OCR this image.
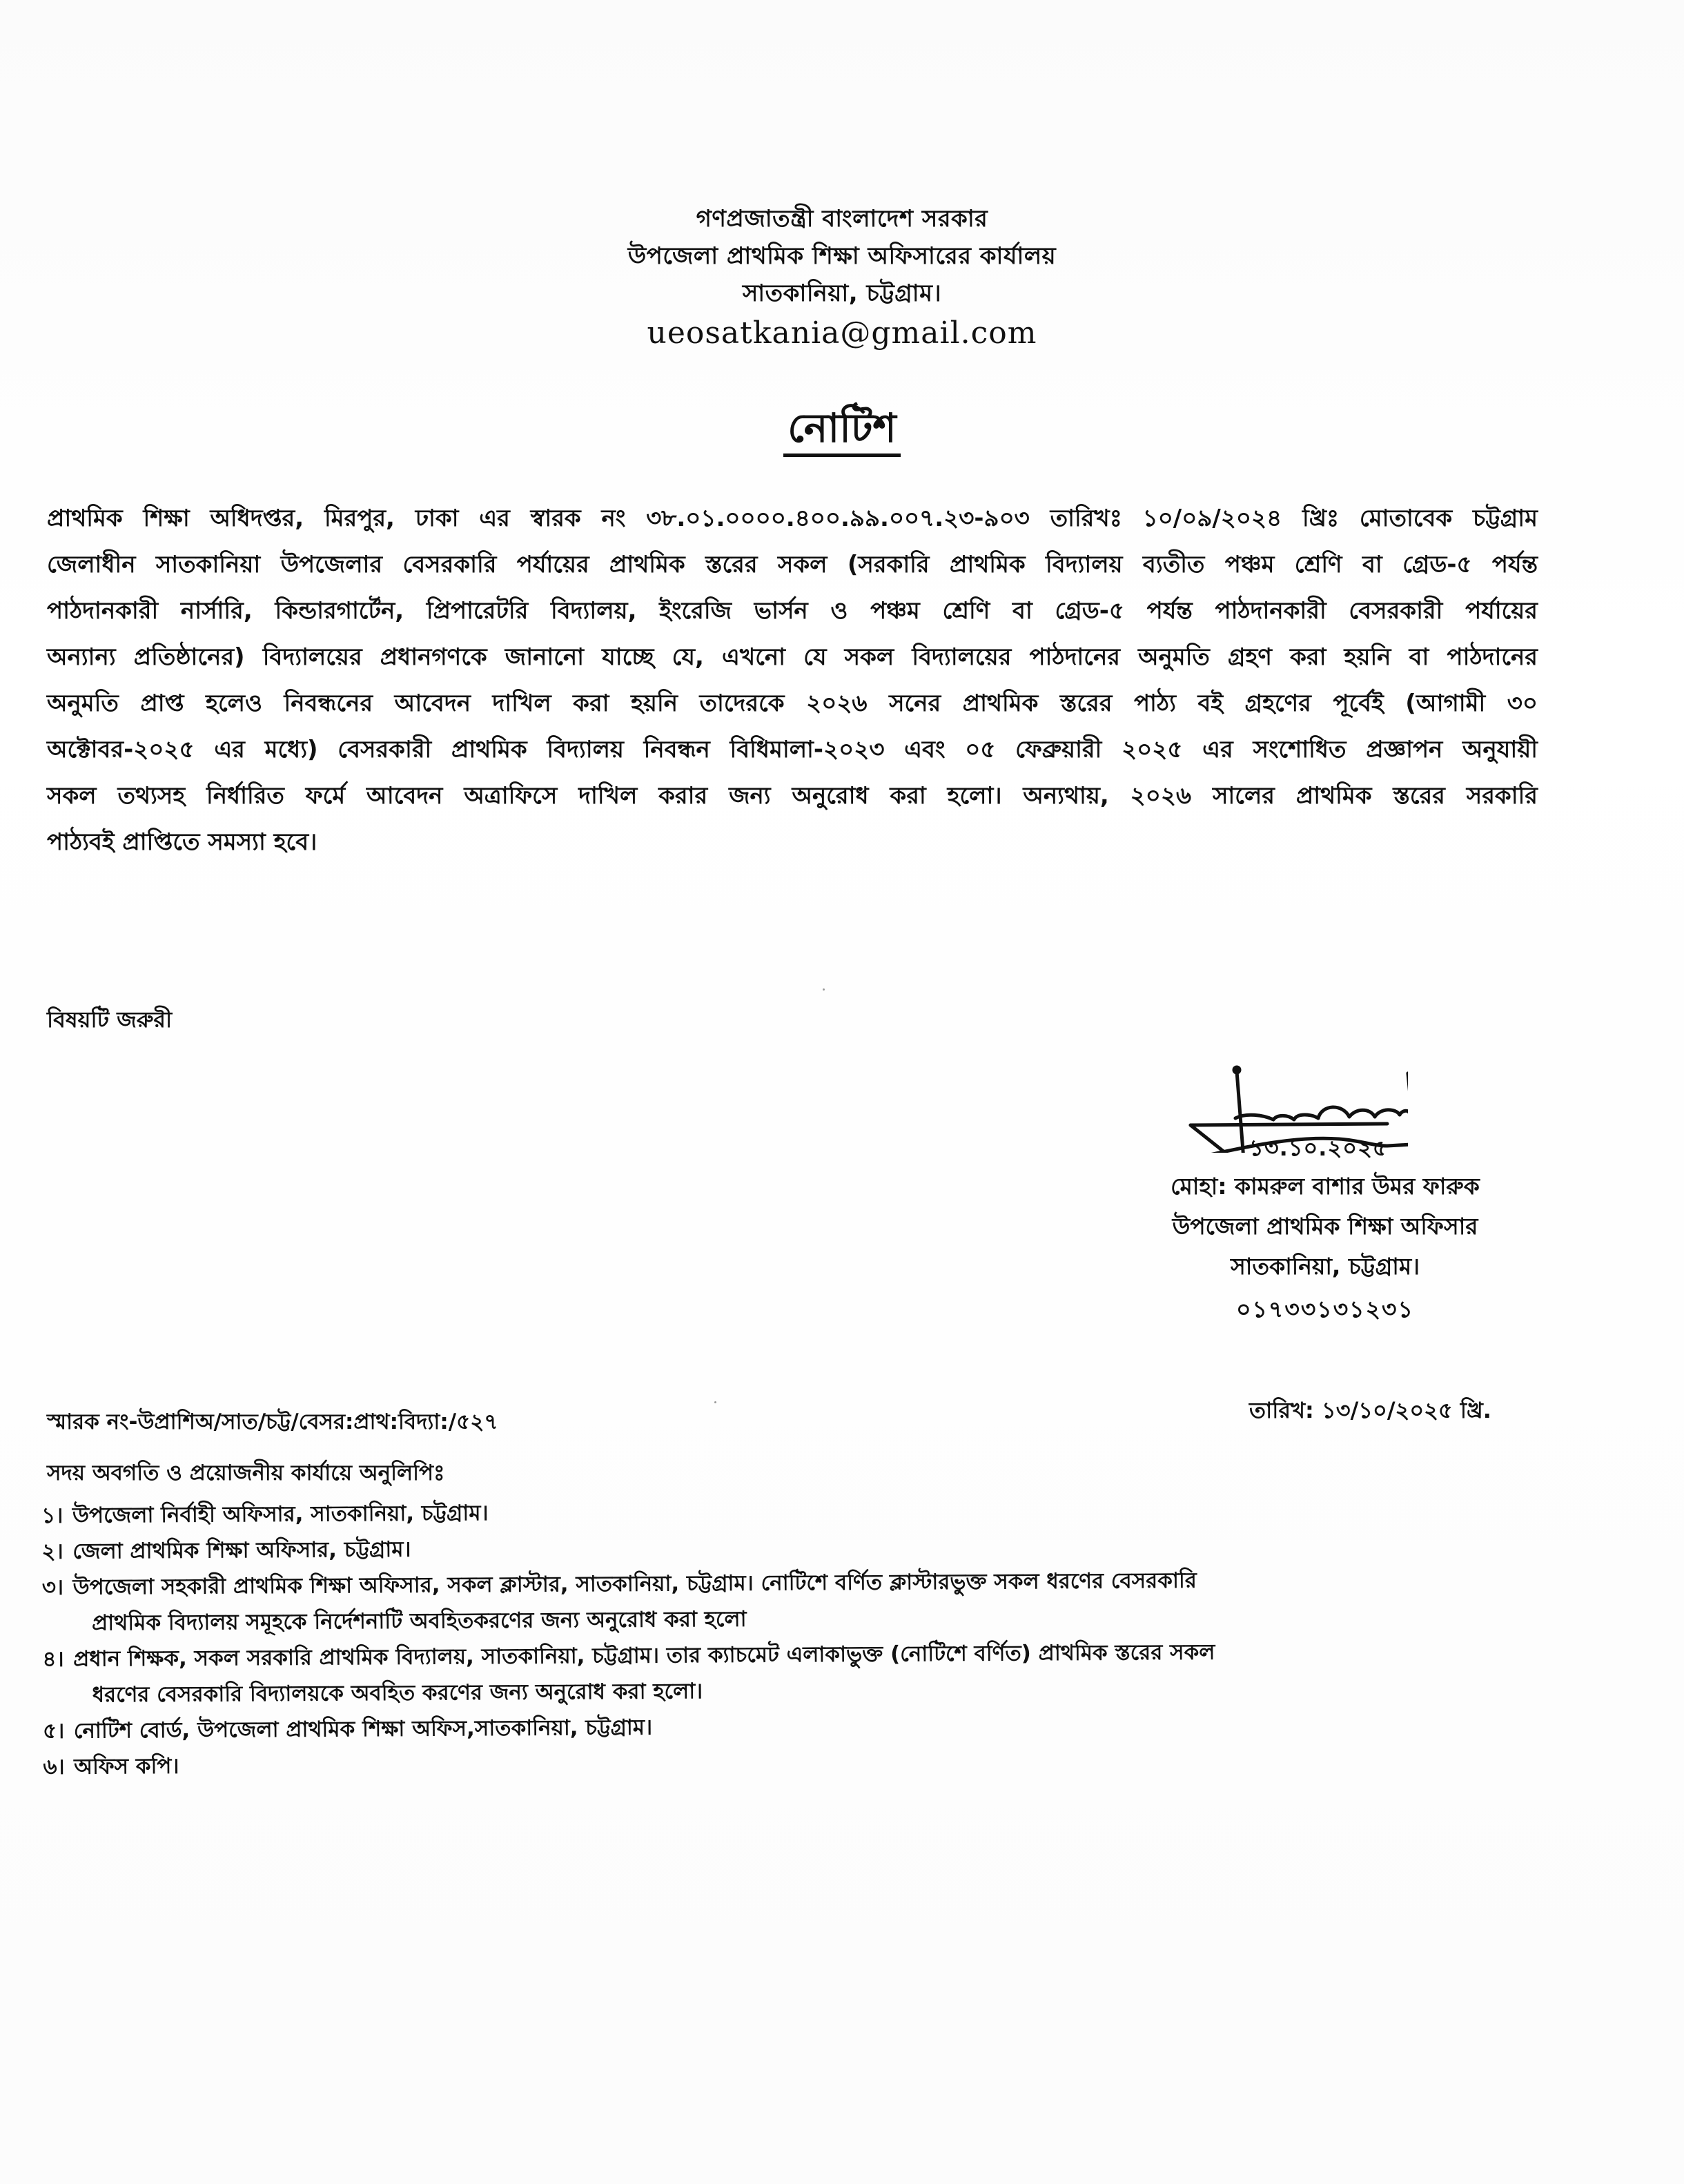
গণপ্রজাতন্ত্রী বাংলাদেশ সরকার
উপজেলা প্রাথমিক শিক্ষা অফিসারের কার্যালয়
সাতকানিয়া, চট্টগ্রাম।
ueosatkania@gmail.com
নোটিশ
প্রাথমিক শিক্ষা অধিদপ্তর, মিরপুর, ঢাকা এর স্বারক নং ৩৮.০১.০০০০.৪০০.৯৯.০০৭.২৩-৯০৩ তারিখঃ ১০/০৯/২০২৪ খ্রিঃ মোতাবেক চট্টগ্রাম
জেলাধীন সাতকানিয়া উপজেলার বেসরকারি পর্যায়ের প্রাথমিক স্তরের সকল (সরকারি প্রাথমিক বিদ্যালয় ব্যতীত পঞ্চম শ্রেণি বা গ্রেড-৫ পর্যন্ত
পাঠদানকারী নার্সারি, কিন্ডারগার্টেন, প্রিপারেটরি বিদ্যালয়, ইংরেজি ভার্সন ও পঞ্চম শ্রেণি বা গ্রেড-৫ পর্যন্ত পাঠদানকারী বেসরকারী পর্যায়ের
অন্যান্য প্রতিষ্ঠানের) বিদ্যালয়ের প্রধানগণকে জানানো যাচ্ছে যে, এখনো যে সকল বিদ্যালয়ের পাঠদানের অনুমতি গ্রহণ করা হয়নি বা পাঠদানের
অনুমতি প্রাপ্ত হলেও নিবন্ধনের আবেদন দাখিল করা হয়নি তাদেরকে ২০২৬ সনের প্রাথমিক স্তরের পাঠ্য বই গ্রহণের পূর্বেই (আগামী ৩০
অক্টোবর-২০২৫ এর মধ্যে) বেসরকারী প্রাথমিক বিদ্যালয় নিবন্ধন বিধিমালা-২০২৩ এবং ০৫ ফেব্রুয়ারী ২০২৫ এর সংশোধিত প্রজ্ঞাপন অনুযায়ী
সকল তথ্যসহ নির্ধারিত ফর্মে আবেদন অত্রাফিসে দাখিল করার জন্য অনুরোধ করা হলো। অন্যথায়, ২০২৬ সালের প্রাথমিক স্তরের সরকারি
পাঠ্যবই প্রাপ্তিতে সমস্যা হবে।
বিষয়টি জরুরী
১৩.১০.২০২৫
মোহা: কামরুল বাশার উমর ফারুক
উপজেলা প্রাথমিক শিক্ষা অফিসার
সাতকানিয়া, চট্টগ্রাম।
০১৭৩৩১৩১২৩১
তারিখ: ১৩/১০/২০২৫ খ্রি.
স্মারক নং-উপ্রাশিঅ/সাত/চট্ট/বেসর:প্রাথ:বিদ্যা:/৫২৭
সদয় অবগতি ও প্রয়োজনীয় কার্যায়ে অনুলিপিঃ
১। উপজেলা নির্বাহী অফিসার, সাতকানিয়া, চট্টগ্রাম।
২। জেলা প্রাথমিক শিক্ষা অফিসার, চট্টগ্রাম।
৩। উপজেলা সহকারী প্রাথমিক শিক্ষা অফিসার, সকল ক্লাস্টার, সাতকানিয়া, চট্টগ্রাম। নোটিশে বর্ণিত ক্লাস্টারভুক্ত সকল ধরণের বেসরকারি
প্রাথমিক বিদ্যালয় সমূহকে নির্দেশনাটি অবহিতকরণের জন্য অনুরোধ করা হলো
৪। প্রধান শিক্ষক, সকল সরকারি প্রাথমিক বিদ্যালয়, সাতকানিয়া, চট্টগ্রাম। তার ক্যাচমেট এলাকাভুক্ত (নোটিশে বর্ণিত) প্রাথমিক স্তরের সকল
ধরণের বেসরকারি বিদ্যালয়কে অবহিত করণের জন্য অনুরোধ করা হলো।
৫। নোটিশ বোর্ড, উপজেলা প্রাথমিক শিক্ষা অফিস,সাতকানিয়া, চট্টগ্রাম।
৬। অফিস কপি।
